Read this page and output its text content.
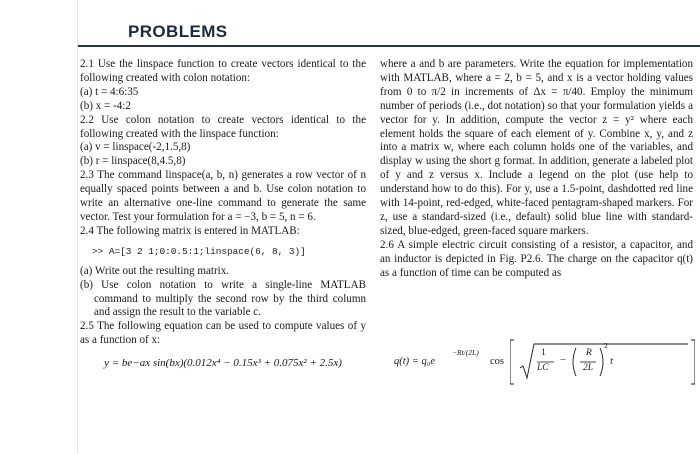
PROBLEMS

2.1 Use the linspace function to create vectors identical to the following created with colon notation:

(a) t = 4:6:35

(b) x = -4:2

2.2 Use colon notation to create vectors identical to the following created with the linspace function:

(a) v = linspace(-2,1.5,8)

(b) r = linspace(8,4.5,8)

2.3 The command linspace(a, b, n) generates a row vector of n equally spaced points between a and b. Use colon notation to write an alternative one-line command to generate the same vector. Test your formulation for a = −3, b = 5, n = 6.

2.4 The following matrix is entered in MATLAB:

>> A=[3 2 1;0:0.5:1;linspace(6, 8, 3)]

(a) Write out the resulting matrix.

(b) Use colon notation to write a single-line MATLAB command to multiply the second row by the third column and assign the result to the variable c.

2.5 The following equation can be used to compute values of y as a function of x:

y = be−ax sin(bx)(0.012x⁴ − 0.15x³ + 0.075x² + 2.5x)

where a and b are parameters. Write the equation for implementation with MATLAB, where a = 2, b = 5, and x is a vector holding values from 0 to π/2 in increments of Δx = π/40. Employ the minimum number of periods (i.e., dot notation) so that your formulation yields a vector for y. In addition, compute the vector z = y² where each element holds the square of each element of y. Combine x, y, and z into a matrix w, where each column holds one of the variables, and display w using the short g format. In addition, generate a labeled plot of y and z versus x. Include a legend on the plot (use help to understand how to do this). For y, use a 1.5-point, dashdotted red line with 14-point, red-edged, white-faced pentagram-shaped markers. For z, use a standard-sized (i.e., default) solid blue line with standard-sized, blue-edged, green-faced square markers.

2.6 A simple electric circuit consisting of a resistor, a capacitor, and an inductor is depicted in Fig. P2.6. The charge on the capacitor q(t) as a function of time can be computed as

q(t) = q₀e
−Rt/(2L)
cos
1
LC
−
R
2L
2
t
